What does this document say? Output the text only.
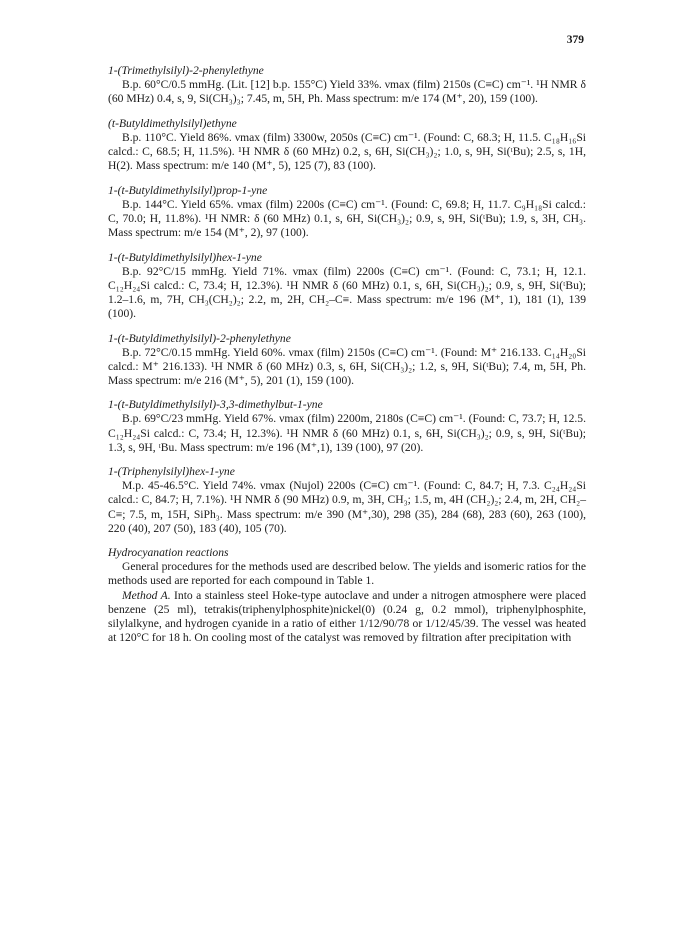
379
1-(Trimethylsilyl)-2-phenylethyne
B.p. 60°C/0.5 mmHg. (Lit. [12] b.p. 155°C) Yield 33%. νmax (film) 2150s (C≡C) cm⁻¹. ¹H NMR δ (60 MHz) 0.4, s, 9, Si(CH₃)₃; 7.45, m, 5H, Ph. Mass spectrum: m/e 174 (M⁺, 20), 159 (100).
(t-Butyldimethylsilyl)ethyne
B.p. 110°C. Yield 86%. νmax (film) 3300w, 2050s (C≡C) cm⁻¹. (Found: C, 68.3; H, 11.5. C₁₈H₁₆Si calcd.: C, 68.5; H, 11.5%). ¹H NMR δ (60 MHz) 0.2, s, 6H, Si(CH₃)₂; 1.0, s, 9H, Si(ᵗBu); 2.5, s, 1H, H(2). Mass spectrum: m/e 140 (M⁺, 5), 125 (7), 83 (100).
1-(t-Butyldimethylsilyl)prop-1-yne
B.p. 144°C. Yield 65%. νmax (film) 2200s (C≡C) cm⁻¹. (Found: C, 69.8; H, 11.7. C₉H₁₈Si calcd.: C, 70.0; H, 11.8%). ¹H NMR: δ (60 MHz) 0.1, s, 6H, Si(CH₃)₂; 0.9, s, 9H, Si(ᵗBu); 1.9, s, 3H, CH₃. Mass spectrum: m/e 154 (M⁺, 2), 97 (100).
1-(t-Butyldimethylsilyl)hex-1-yne
B.p. 92°C/15 mmHg. Yield 71%. νmax (film) 2200s (C≡C) cm⁻¹. (Found: C, 73.1; H, 12.1. C₁₂H₂₄Si calcd.: C, 73.4; H, 12.3%). ¹H NMR δ (60 MHz) 0.1, s, 6H, Si(CH₃)₂; 0.9, s, 9H, Si(ᵗBu); 1.2–1.6, m, 7H, CH₃(CH₂)₂; 2.2, m, 2H, CH₂–C≡. Mass spectrum: m/e 196 (M⁺, 1), 181 (1), 139 (100).
1-(t-Butyldimethylsilyl)-2-phenylethyne
B.p. 72°C/0.15 mmHg. Yield 60%. νmax (film) 2150s (C≡C) cm⁻¹. (Found: M⁺ 216.133. C₁₄H₂₀Si calcd.: M⁺ 216.133). ¹H NMR δ (60 MHz) 0.3, s, 6H, Si(CH₃)₂; 1.2, s, 9H, Si(ᵗBu); 7.4, m, 5H, Ph. Mass spectrum: m/e 216 (M⁺, 5), 201 (1), 159 (100).
1-(t-Butyldimethylsilyl)-3,3-dimethylbut-1-yne
B.p. 69°C/23 mmHg. Yield 67%. νmax (film) 2200m, 2180s (C≡C) cm⁻¹. (Found: C, 73.7; H, 12.5. C₁₂H₂₄Si calcd.: C, 73.4; H, 12.3%). ¹H NMR δ (60 MHz) 0.1, s, 6H, Si(CH₃)₂; 0.9, s, 9H, Si(ᵗBu); 1.3, s, 9H, ᵗBu. Mass spectrum: m/e 196 (M⁺,1), 139 (100), 97 (20).
1-(Triphenylsilyl)hex-1-yne
M.p. 45-46.5°C. Yield 74%. νmax (Nujol) 2200s (C≡C) cm⁻¹. (Found: C, 84.7; H, 7.3. C₂₄H₂₄Si calcd.: C, 84.7; H, 7.1%). ¹H NMR δ (90 MHz) 0.9, m, 3H, CH₃; 1.5, m, 4H (CH₂)₂; 2.4, m, 2H, CH₂–C≡; 7.5, m, 15H, SiPh₃. Mass spectrum: m/e 390 (M⁺,30), 298 (35), 284 (68), 283 (60), 263 (100), 220 (40), 207 (50), 183 (40), 105 (70).
Hydrocyanation reactions
General procedures for the methods used are described below. The yields and isomeric ratios for the methods used are reported for each compound in Table 1.
Method A. Into a stainless steel Hoke-type autoclave and under a nitrogen atmosphere were placed benzene (25 ml), tetrakis(triphenylphosphite)nickel(0) (0.24 g, 0.2 mmol), triphenylphosphite, silylalkyne, and hydrogen cyanide in a ratio of either 1/12/90/78 or 1/12/45/39. The vessel was heated at 120°C for 18 h. On cooling most of the catalyst was removed by filtration after precipitation with
